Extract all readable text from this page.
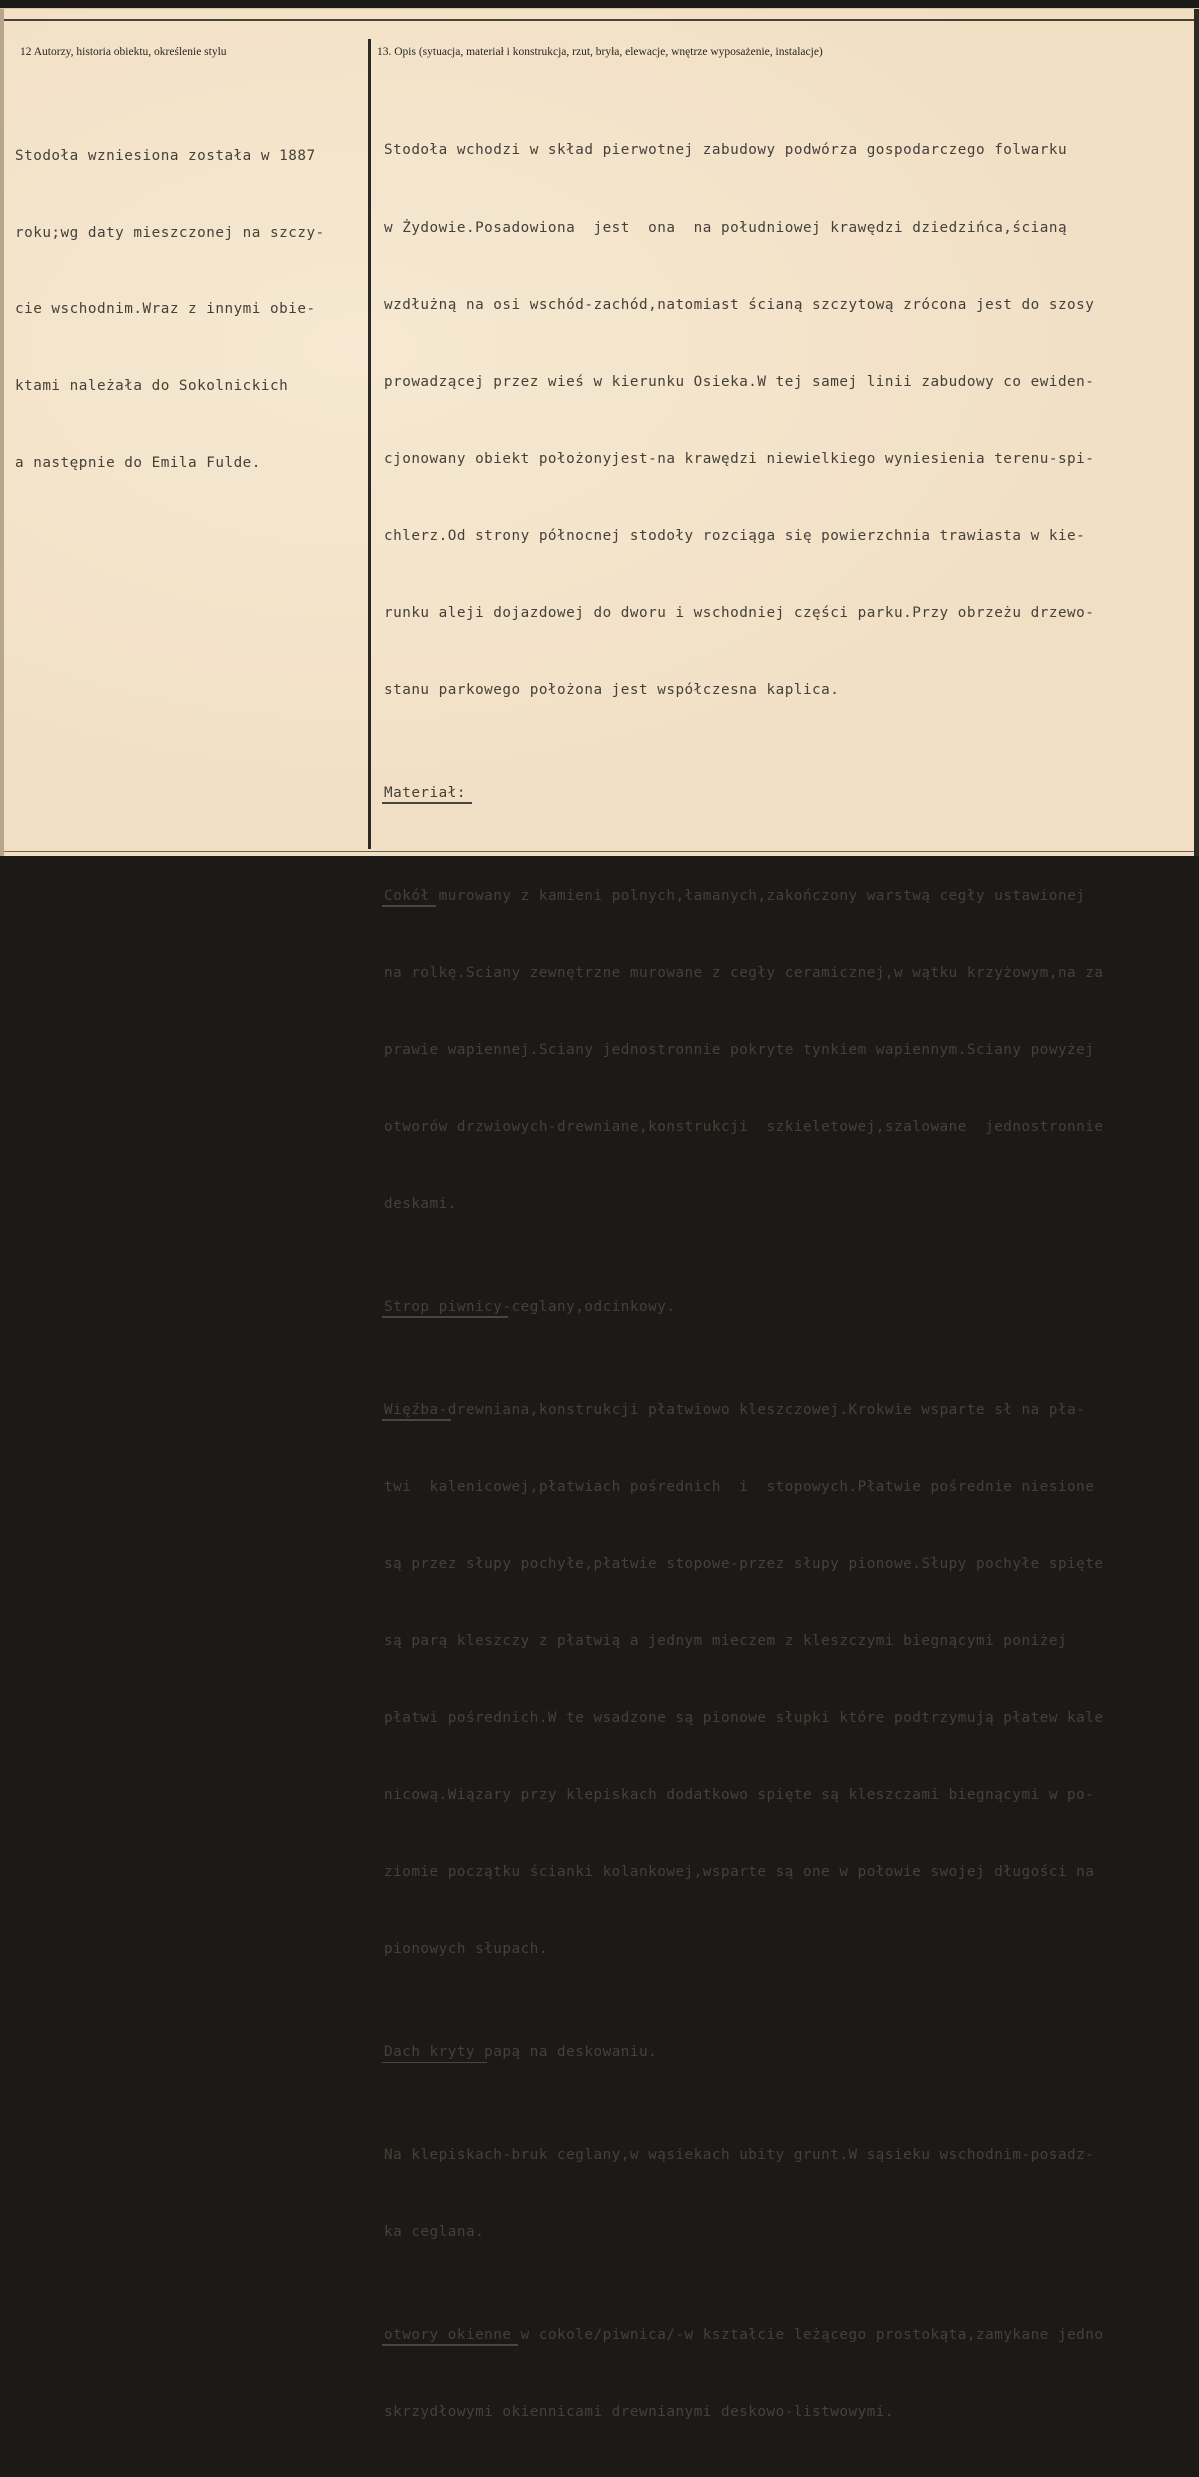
12 Autorzy, historia obiektu, określenie stylu	13. Opis (sytuacja, materiał i konstrukcja, rzut, bryła, elewacje, wnętrze wyposażenie, instalacje)

Stodoła wzniesiona została w 1887

roku;wg daty mieszczonej na szczy-

cie wschodnim.Wraz z innymi obie-

ktami należała do Sokolnickich

a następnie do Emila Fulde.

Stodoła wchodzi w skład pierwotnej zabudowy podwórza gospodarczego folwarku

w Żydowie.Posadowiona  jest  ona  na południowej krawędzi dziedzińca,ścianą

wzdłużną na osi wschód-zachód,natomiast ścianą szczytową zrócona jest do szosy

prowadzącej przez wieś w kierunku Osieka.W tej samej linii zabudowy co ewiden-

cjonowany obiekt położonyjest-na krawędzi niewielkiego wyniesienia terenu-spi-

chlerz.Od strony północnej stodoły rozciąga się powierzchnia trawiasta w kie-

runku aleji dojazdowej do dworu i wschodniej części parku.Przy obrzeżu drzewo-

stanu parkowego położona jest współczesna kaplica.

Materiał:

Cokół murowany z kamieni polnych,łamanych,zakończony warstwą cegły ustawionej

na rolkę.Sciany zewnętrzne murowane z cegły ceramicznej,w wątku krzyżowym,na za

prawie wapiennej.Sciany jednostronnie pokryte tynkiem wapiennym.Sciany powyżej

otworów drzwiowych-drewniane,konstrukcji  szkieletowej,szalowane  jednostronnie

deskami.

Strop piwnicy-ceglany,odcinkowy.

Więźba-drewniana,konstrukcji płatwiowo kleszczowej.Krokwie wsparte sł na pła-

twi  kalenicowej,płatwiach pośrednich  i  stopowych.Płatwie pośrednie niesione

są przez słupy pochyłe,płatwie stopowe-przez słupy pionowe.Słupy pochyłe spięte

są parą kleszczy z płatwią a jednym mieczem z kleszczymi biegnącymi poniżej

płatwi pośrednich.W te wsadzone są pionowe słupki które podtrzymują płatew kale

nicową.Wiązary przy klepiskach dodatkowo spięte są kleszczami biegnącymi w po-

ziomie początku ścianki kolankowej,wsparte są one w połowie swojej długości na

pionowych słupach.

Dach kryty papą na deskowaniu.

Na klepiskach-bruk ceglany,w wąsiekach ubity grunt.W sąsieku wschodnim-posadz-

ka ceglana.

otwory okienne w cokole/piwnica/-w kształcie leżącego prostokąta,zamykane jedno

skrzydłowymi okiennicami drewnianymi deskowo-listwowymi.
